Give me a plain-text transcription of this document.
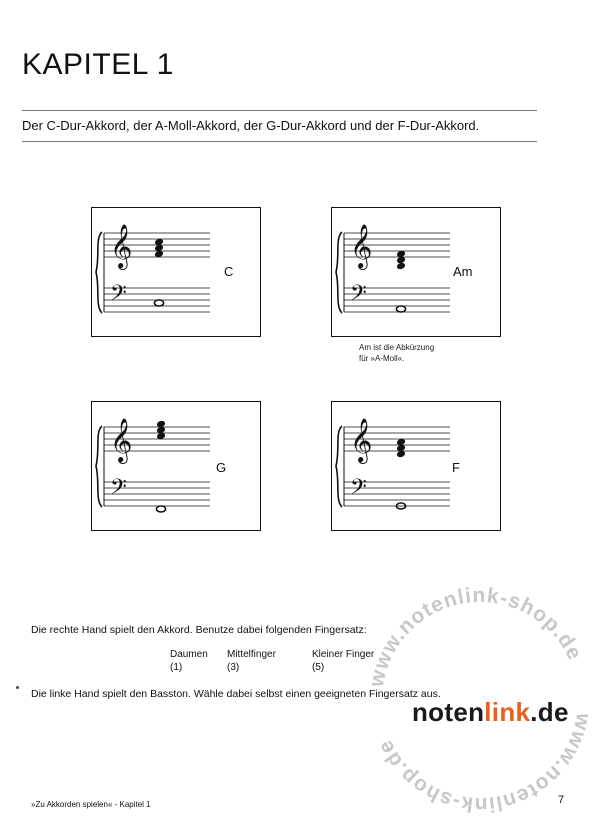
KAPITEL 1
Der C-Dur-Akkord, der A-Moll-Akkord, der G-Dur-Akkord und der F-Dur-Akkord.
𝄞
𝄢
C
𝄞
𝄢
Am
Am ist die Abkürzung
für »A-Moll«.
𝄞
𝄢
G
𝄞
𝄢
F
Die rechte Hand spielt den Akkord. Benutze dabei folgenden Fingersatz:
Daumen
(1)
Mittelfinger
(3)
Kleiner Finger
(5)
Die linke Hand spielt den Basston. Wähle dabei selbst einen geeigneten Fingersatz aus.
www.notenlink-shop.de
www.notenlink-shop.de
notenlink.de
»Zu Akkorden spielen« - Kapitel 1	7
